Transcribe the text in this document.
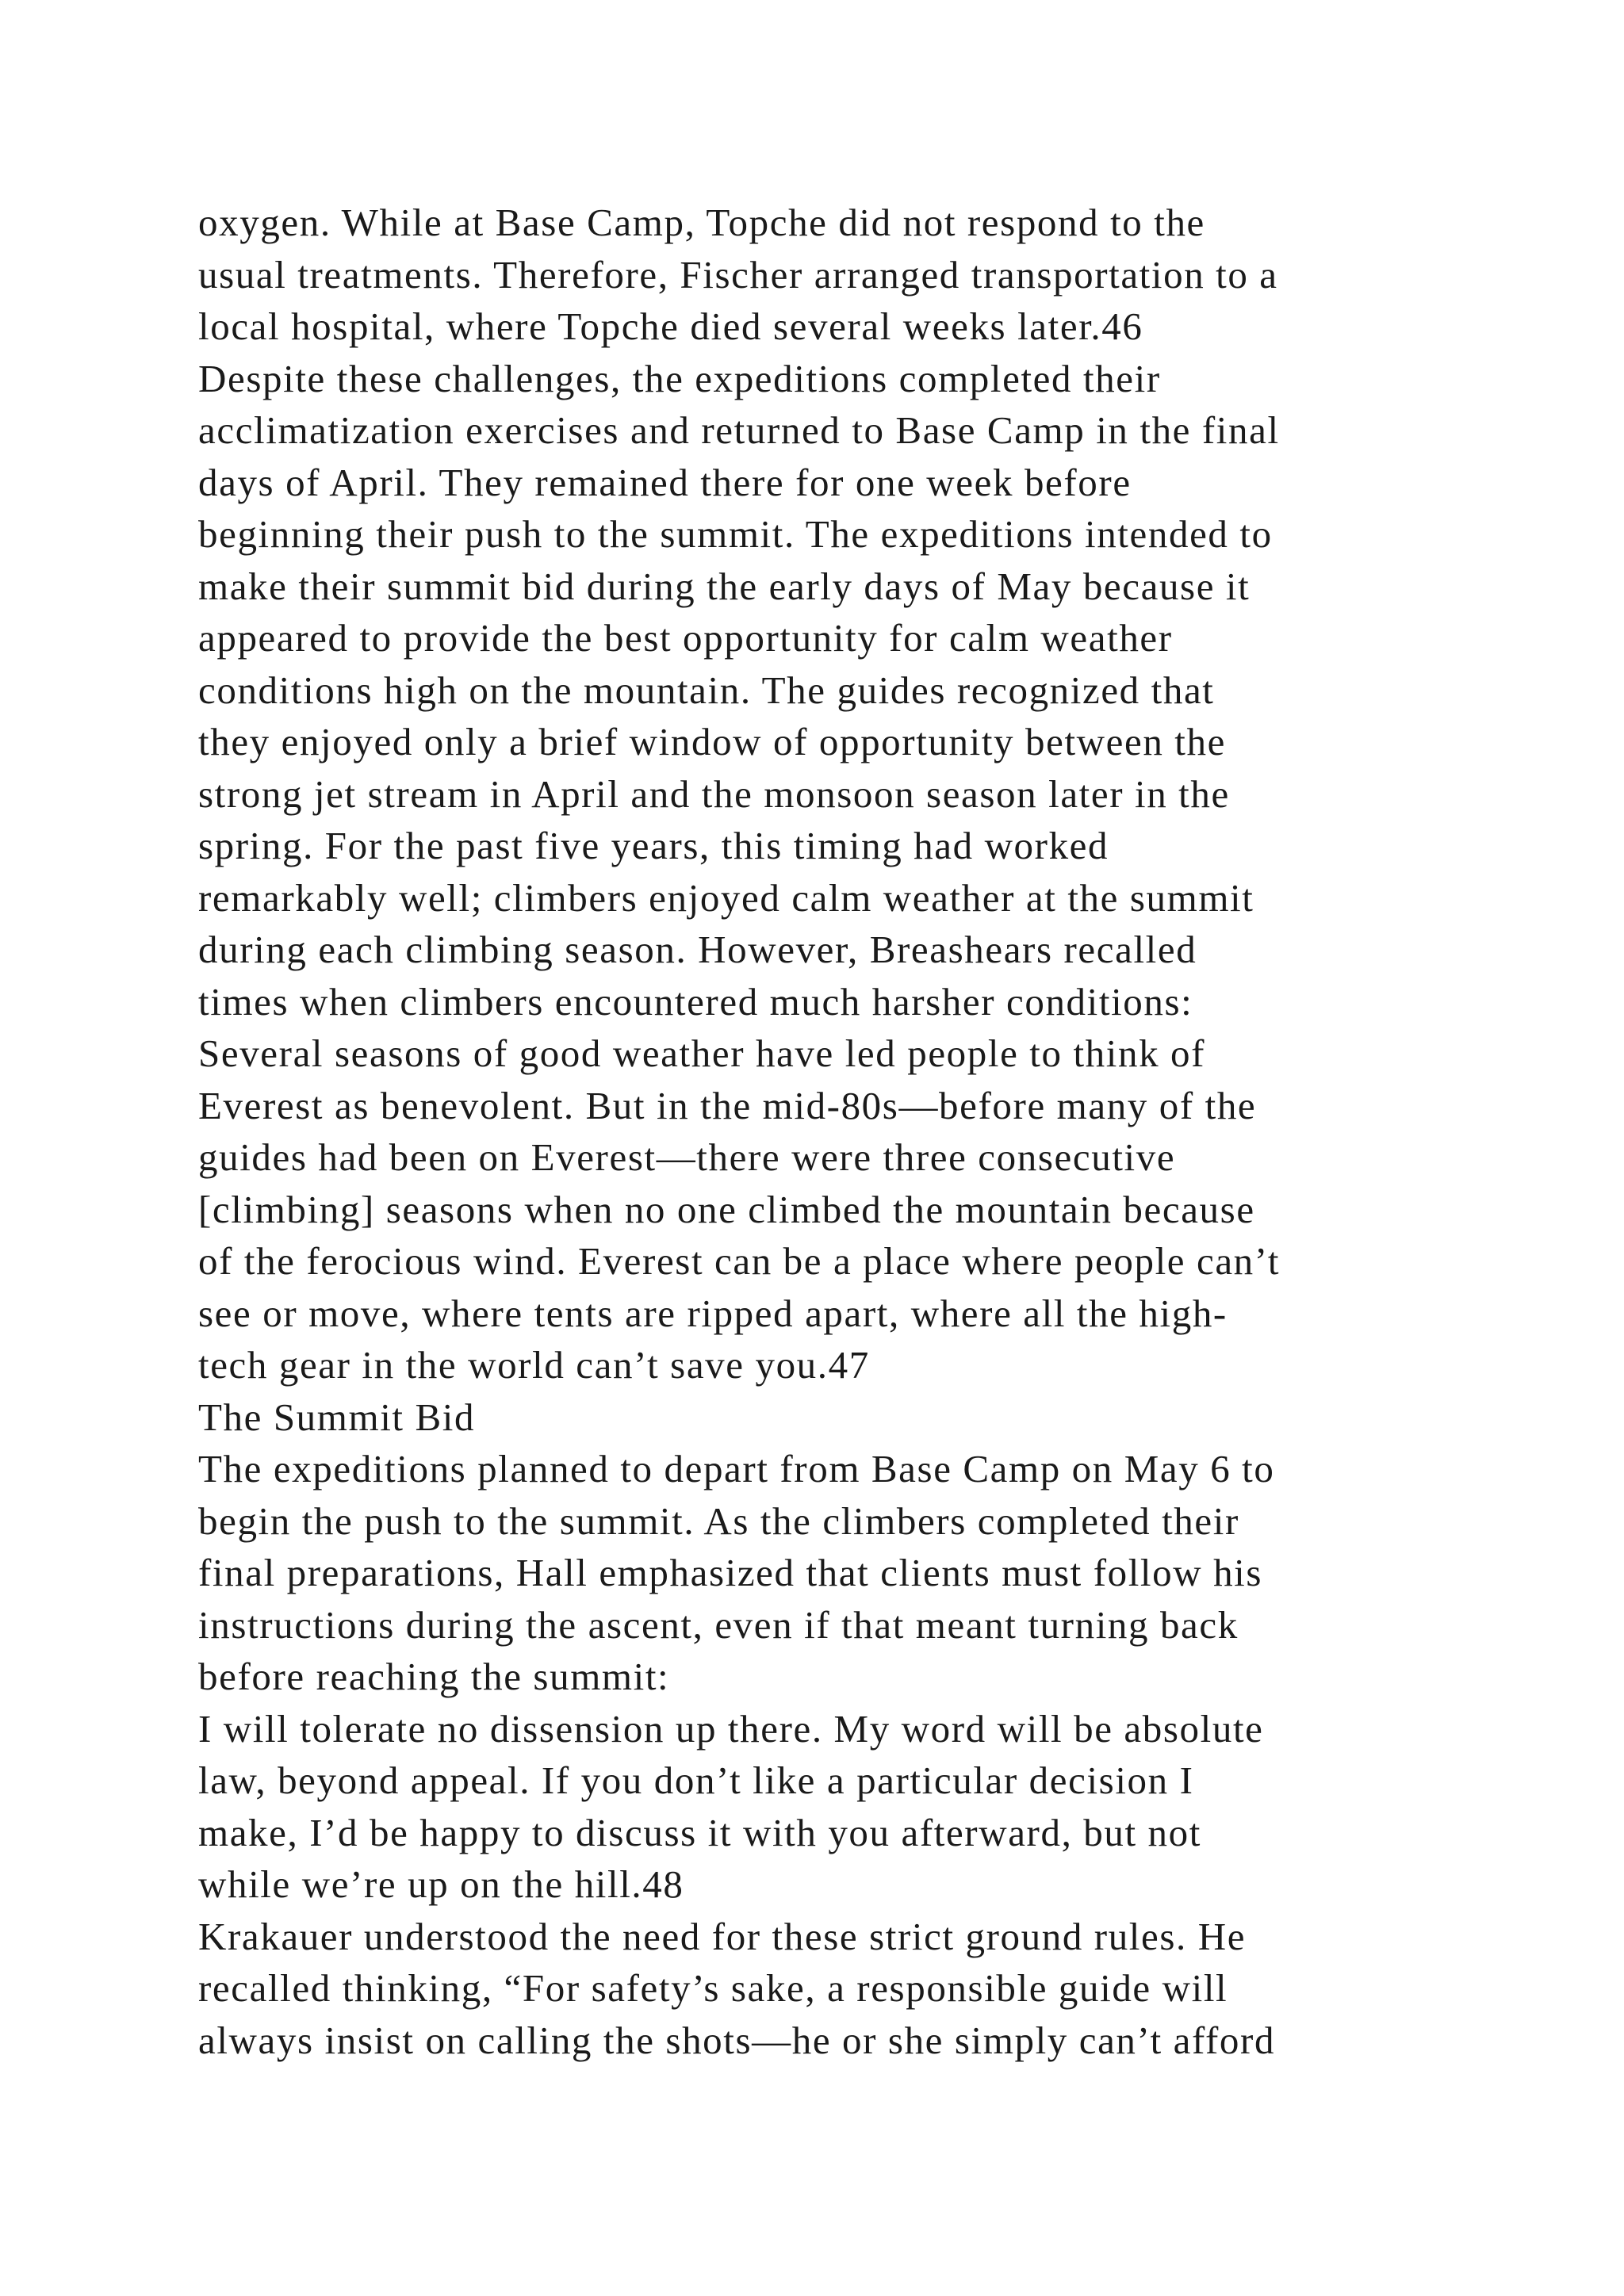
oxygen. While at Base Camp, Topche did not respond to the
usual treatments. Therefore, Fischer arranged transportation to a
local hospital, where Topche died several weeks later.46
Despite these challenges, the expeditions completed their
acclimatization exercises and returned to Base Camp in the final
days of April. They remained there for one week before
beginning their push to the summit. The expeditions intended to
make their summit bid during the early days of May because it
appeared to provide the best opportunity for calm weather
conditions high on the mountain. The guides recognized that
they enjoyed only a brief window of opportunity between the
strong jet stream in April and the monsoon season later in the
spring. For the past five years, this timing had worked
remarkably well; climbers enjoyed calm weather at the summit
during each climbing season. However, Breashears recalled
times when climbers encountered much harsher conditions:
Several seasons of good weather have led people to think of
Everest as benevolent. But in the mid-80s—before many of the
guides had been on Everest—there were three consecutive
[climbing] seasons when no one climbed the mountain because
of the ferocious wind. Everest can be a place where people can’t
see or move, where tents are ripped apart, where all the high-
tech gear in the world can’t save you.47
The Summit Bid
The expeditions planned to depart from Base Camp on May 6 to
begin the push to the summit. As the climbers completed their
final preparations, Hall emphasized that clients must follow his
instructions during the ascent, even if that meant turning back
before reaching the summit:
I will tolerate no dissension up there. My word will be absolute
law, beyond appeal. If you don’t like a particular decision I
make, I’d be happy to discuss it with you afterward, but not
while we’re up on the hill.48
Krakauer understood the need for these strict ground rules. He
recalled thinking, “For safety’s sake, a responsible guide will
always insist on calling the shots—he or she simply can’t afford
